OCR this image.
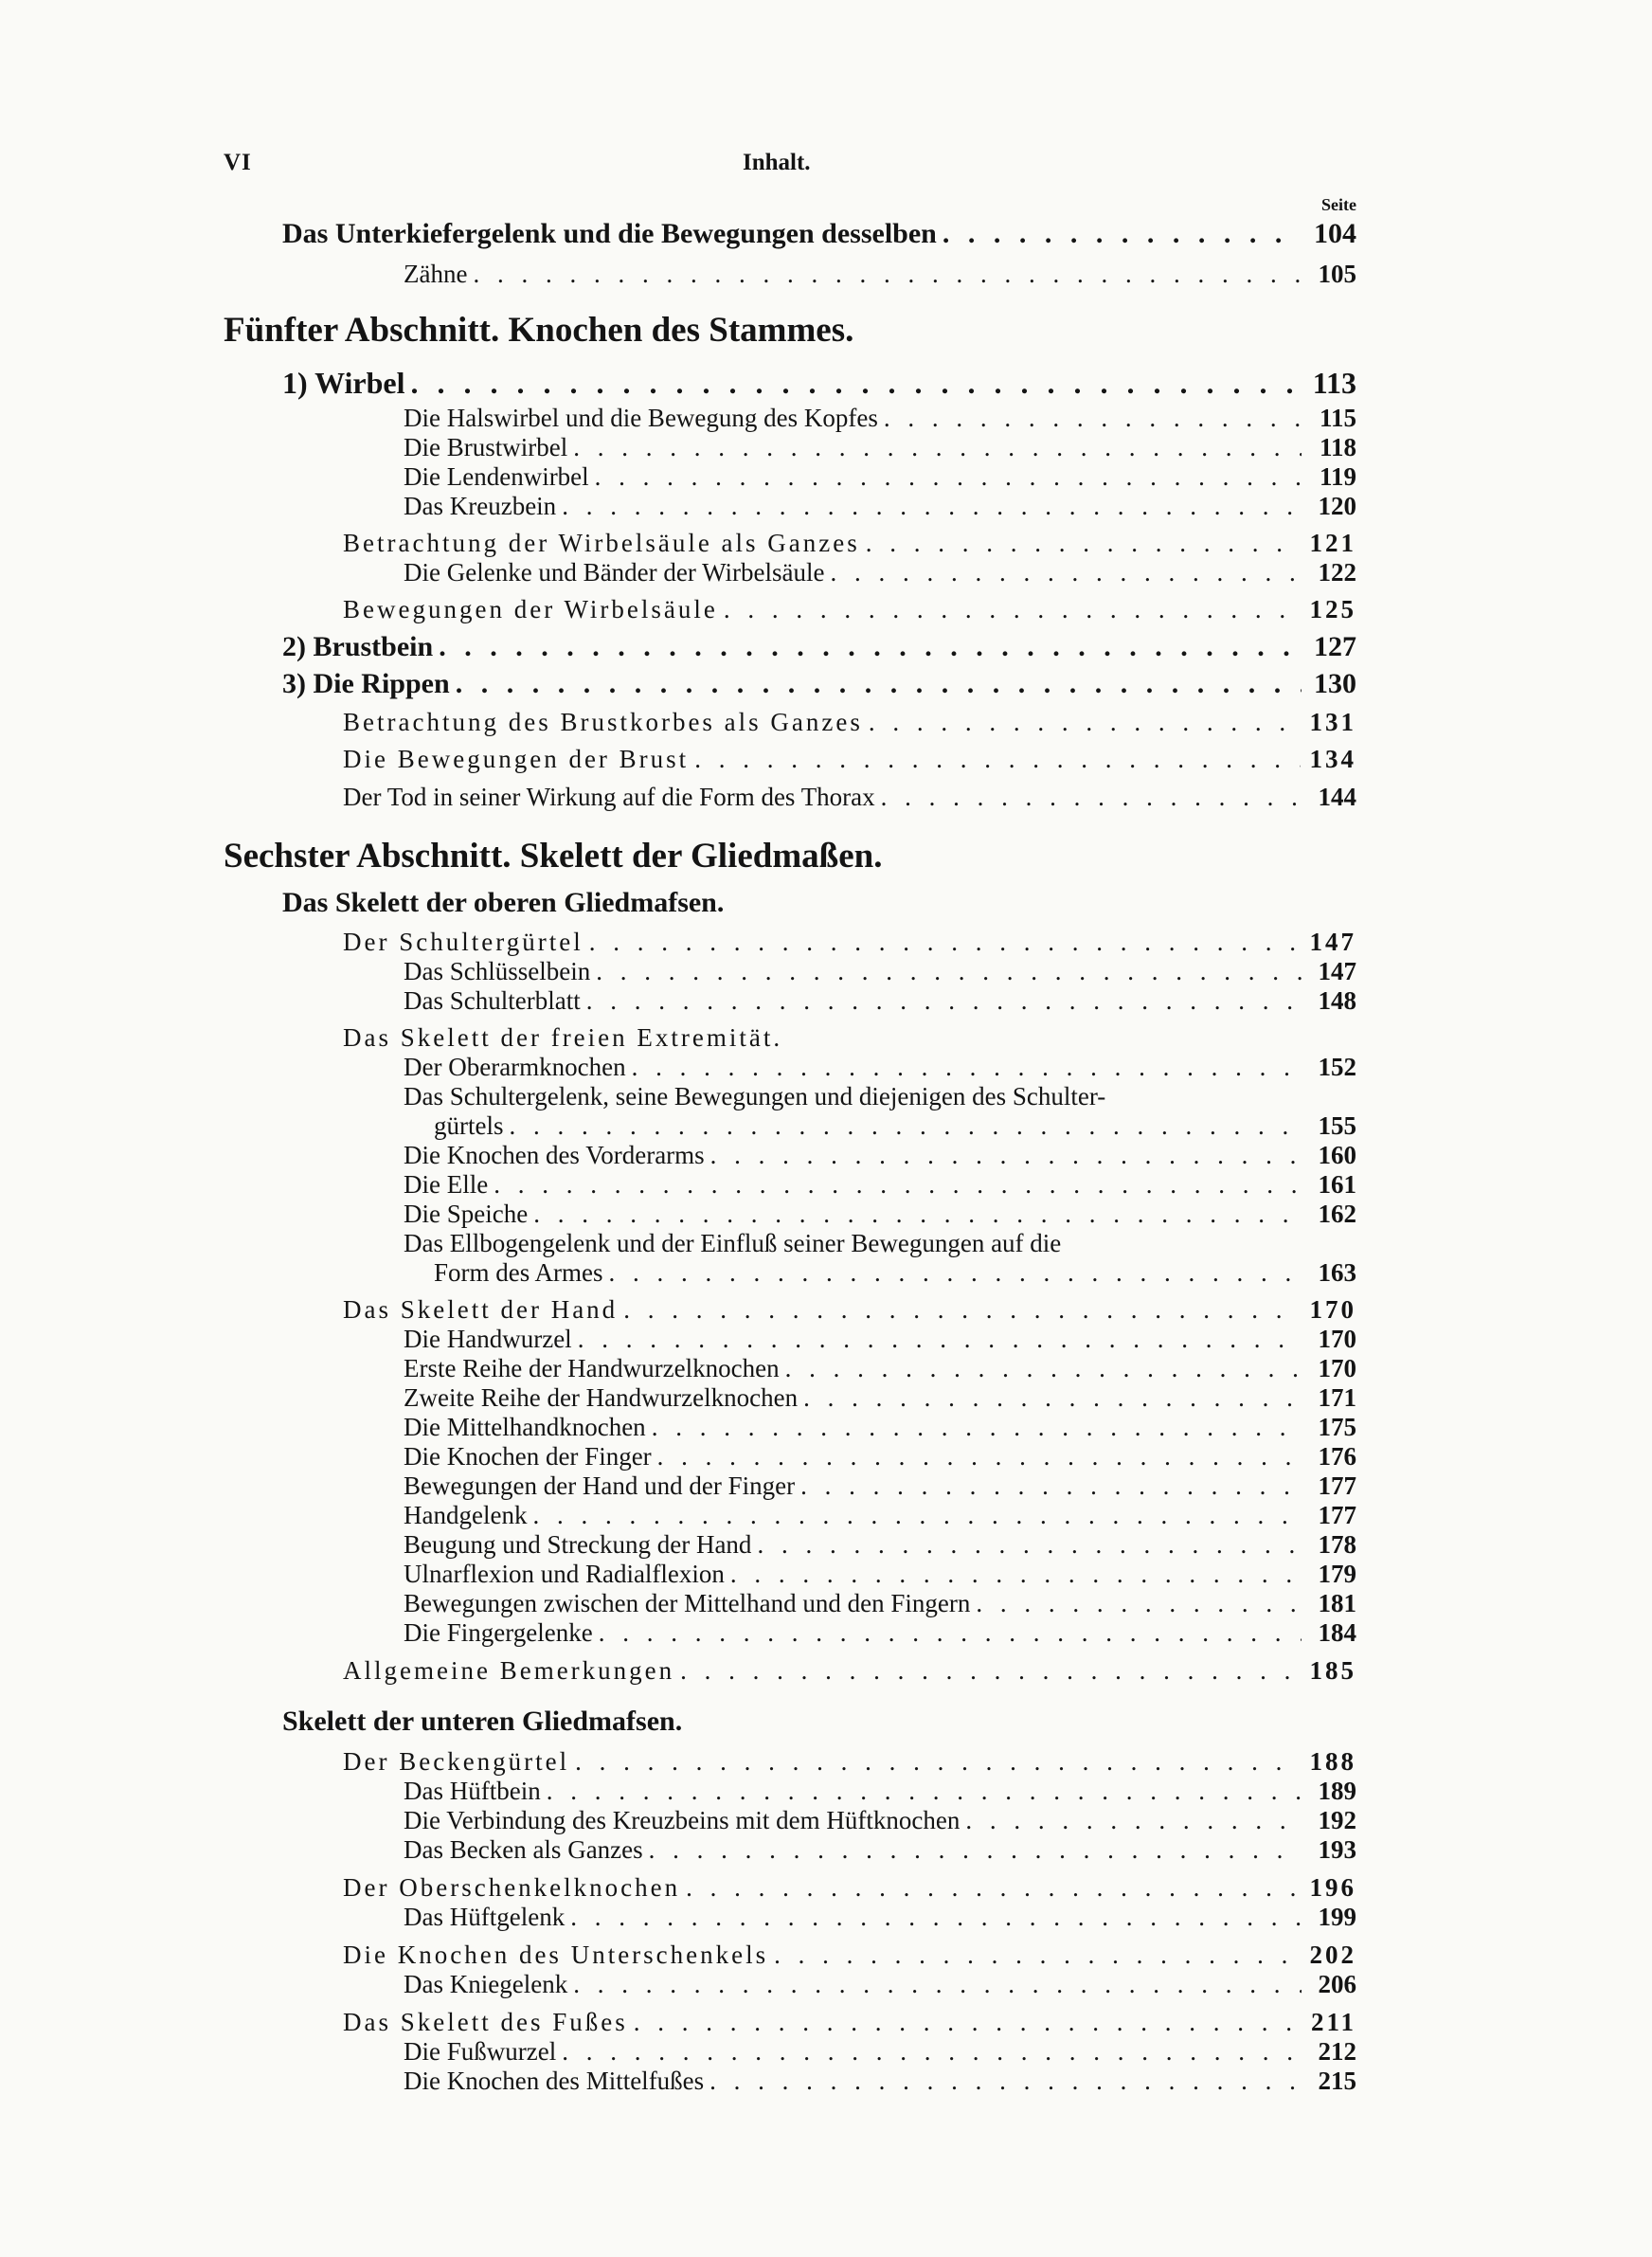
VI	Inhalt.
Seite
Das Unterkiefergelenk und die Bewegungen desselben . . .	104
Zähne . . .	105
Fünfter Abschnitt. Knochen des Stammes.
1) Wirbel . . .	113
Die Halswirbel und die Bewegung des Kopfes . . .	115
Die Brustwirbel . . .	118
Die Lendenwirbel . . .	119
Das Kreuzbein . . .	120
Betrachtung der Wirbelsäule als Ganzes . . .	121
Die Gelenke und Bänder der Wirbelsäule . . .	122
Bewegungen der Wirbelsäule . . .	125
2) Brustbein . . .	127
3) Die Rippen . . .	130
Betrachtung des Brustkorbes als Ganzes . . .	131
Die Bewegungen der Brust . . .	134
Der Tod in seiner Wirkung auf die Form des Thorax . . .	144
Sechster Abschnitt. Skelett der Gliedmaßen.
Das Skelett der oberen Gliedmafsen.
Der Schultergürtel . . .	147
Das Schlüsselbein . . .	147
Das Schulterblatt . . .	148
Das Skelett der freien Extremität.
Der Oberarmknochen . . .	152
Das Schultergelenk, seine Bewegungen und diejenigen des Schulter-
gürtels . . .	155
Die Knochen des Vorderarms . . .	160
Die Elle . . .	161
Die Speiche . . .	162
Das Ellbogengelenk und der Einfluß seiner Bewegungen auf die
Form des Armes . . .	163
Das Skelett der Hand . . .	170
Die Handwurzel . . .	170
Erste Reihe der Handwurzelknochen . . .	170
Zweite Reihe der Handwurzelknochen . . .	171
Die Mittelhandknochen . . .	175
Die Knochen der Finger . . .	176
Bewegungen der Hand und der Finger . . .	177
Handgelenk . . .	177
Beugung und Streckung der Hand . . .	178
Ulnarflexion und Radialflexion . . .	179
Bewegungen zwischen der Mittelhand und den Fingern . . .	181
Die Fingergelenke . . .	184
Allgemeine Bemerkungen . . .	185
Skelett der unteren Gliedmafsen.
Der Beckengürtel . . .	188
Das Hüftbein . . .	189
Die Verbindung des Kreuzbeins mit dem Hüftknochen . . .	192
Das Becken als Ganzes . . .	193
Der Oberschenkelknochen . . .	196
Das Hüftgelenk . . .	199
Die Knochen des Unterschenkels . . .	202
Das Kniegelenk . . .	206
Das Skelett des Fußes . . .	211
Die Fußwurzel . . .	212
Die Knochen des Mittelfußes . . .	215
